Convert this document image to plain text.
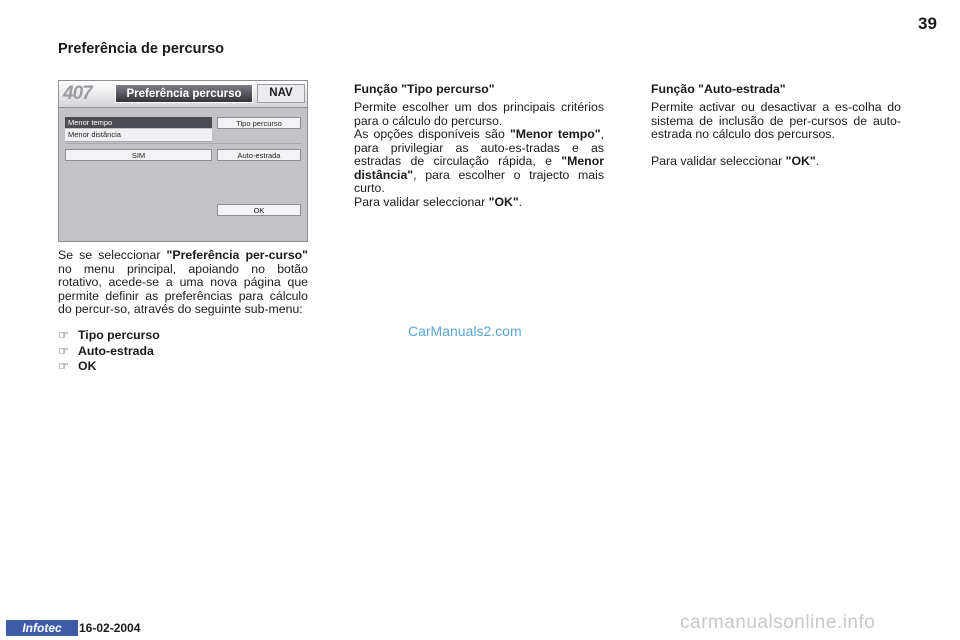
39
Preferência de percurso
407	Preferência percurso	NAV
Menor tempo
Menor distância
Tipo percurso
SIM	Auto-estrada
OK

Se se seleccionar "Preferência per-curso" no menu principal, apoiando no botão rotativo, acede-se a uma nova página que permite definir as preferências para cálculo do percur-so, através do seguinte sub-menu:

☞ Tipo percurso
☞ Auto-estrada
☞ OK
Função "Tipo percurso"

Permite escolher um dos principais critérios para o cálculo do percurso.

As opções disponíveis são "Menor tempo", para privilegiar as auto-es-tradas e as estradas de circulação rápida, e "Menor distância", para escolher o trajecto mais curto.

Para validar seleccionar "OK".

Função "Auto-estrada"

Permite activar ou desactivar a es-colha do sistema de inclusão de per-cursos de auto-estrada no cálculo dos percursos.

Para validar seleccionar "OK".

CarManuals2.com
Infotec	16-02-2004	carmanualsonline.info
